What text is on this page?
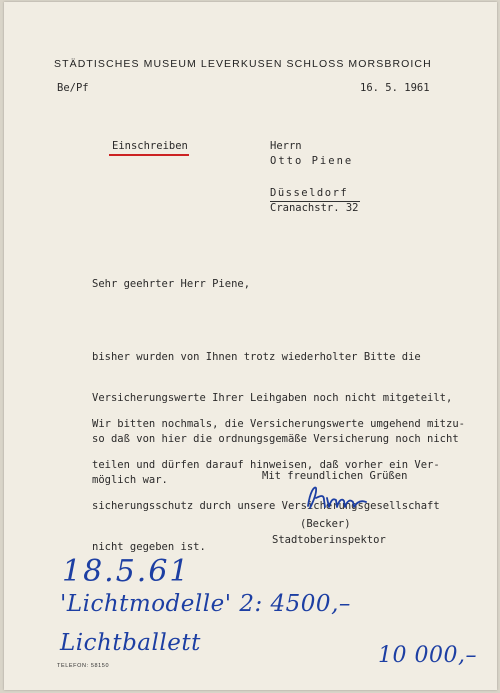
STÄDTISCHES MUSEUM LEVERKUSEN SCHLOSS MORSBROICH
Be/Pf	16. 5. 1961
Einschreiben	Herrn
Otto Piene
Düsseldorf
Cranachstr. 32
Sehr geehrter Herr Piene,

bisher wurden von Ihnen trotz wiederholter Bitte die

Versicherungswerte Ihrer Leihgaben noch nicht mitgeteilt,

so daß von hier die ordnungsgemäße Versicherung noch nicht

möglich war.

Wir bitten nochmals, die Versicherungswerte umgehend mitzu-

teilen und dürfen darauf hinweisen, daß vorher ein Ver-

sicherungsschutz durch unsere Versicherungsgesellschaft

nicht gegeben ist.

Mit freundlichen Grüßen
(Becker)
Stadtoberinspektor
18.5.61
'Lichtmodelle' 2: 4500,–
Lichtballett	10 000,–
TELEFON: 58150
